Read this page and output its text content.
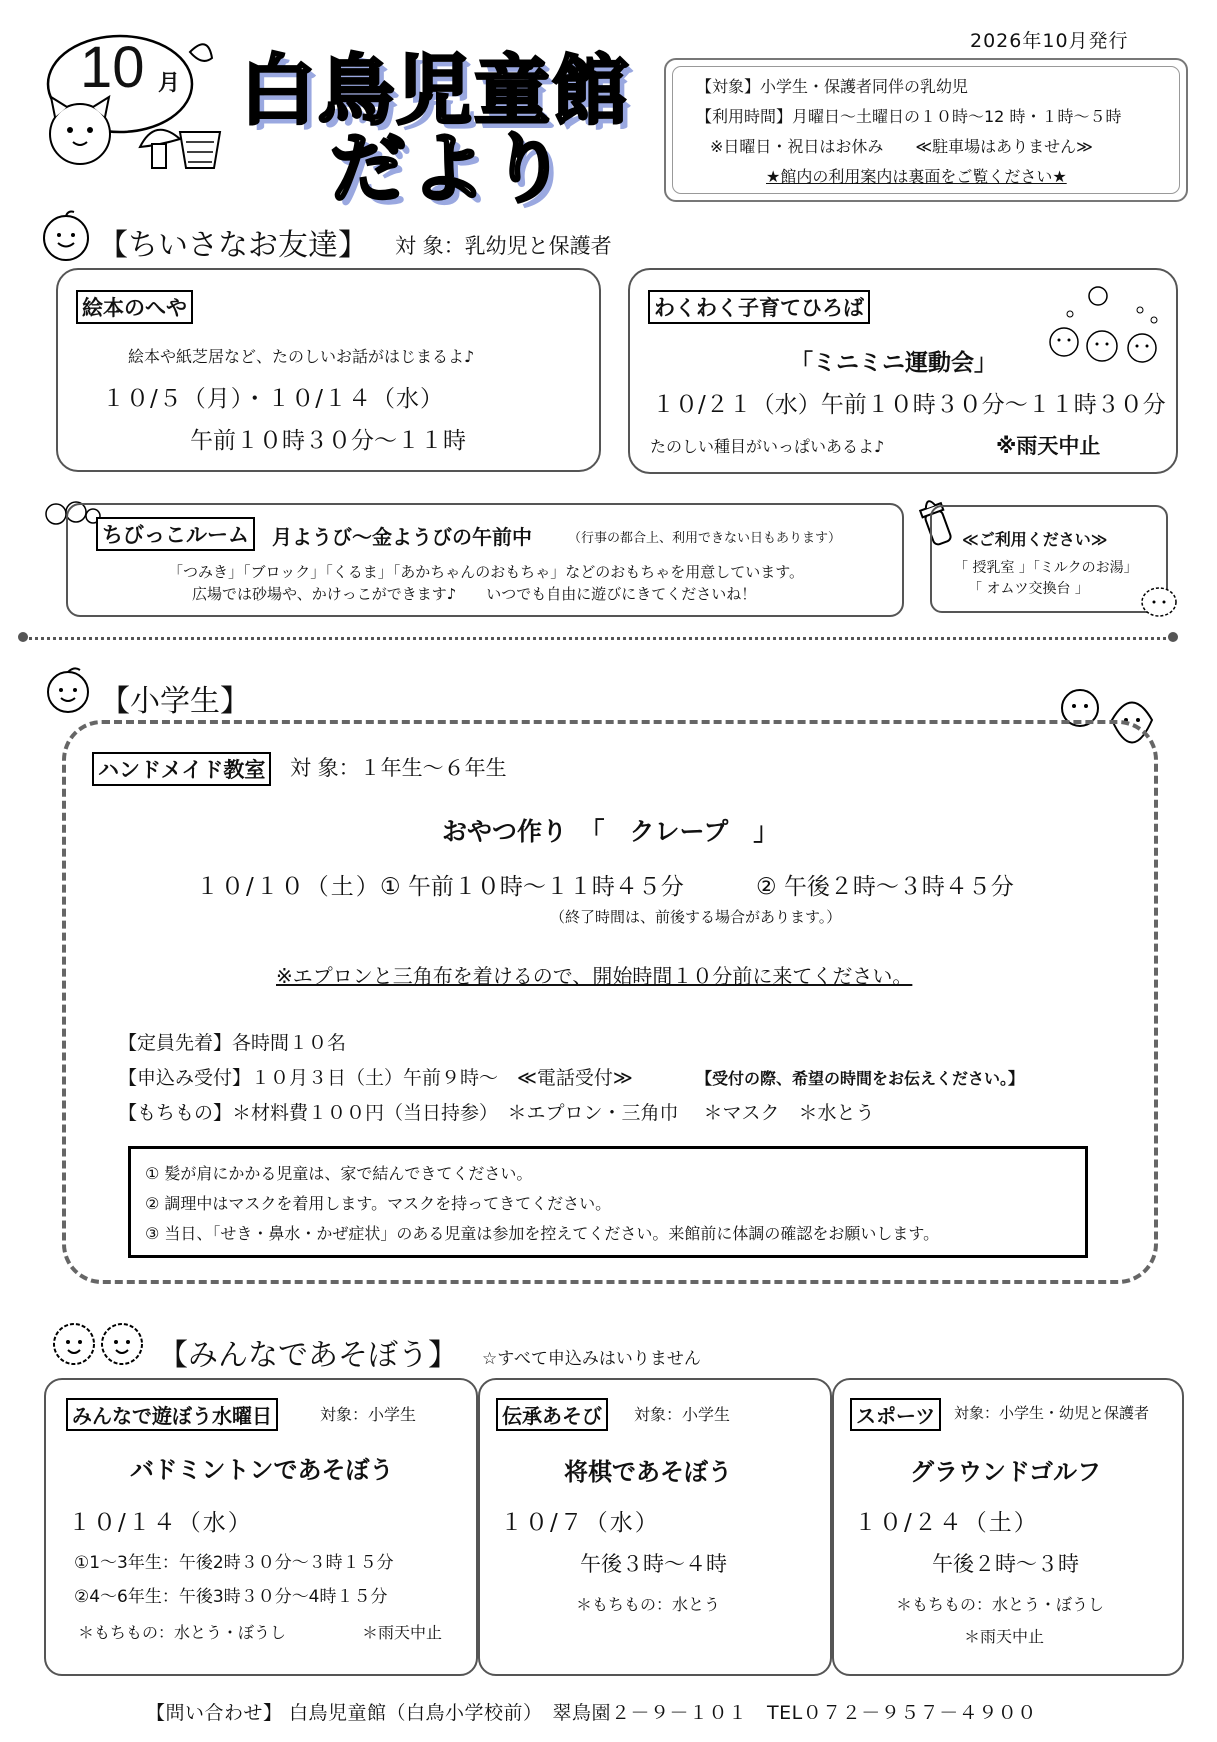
2026年10月発行
10 月 白鳥児童館
だより
【対象】小学生・保護者同伴の乳幼児
【利用時間】月曜日～土曜日の１０時～12 時・１時～５時
※日曜日・祝日はお休み　　≪駐車場はありません≫
★館内の利用案内は裏面をご覧ください★
【ちいさなお友達】 対 象：乳幼児と保護者
絵本のへや
絵本や紙芝居など、たのしいお話がはじまるよ♪
１０/５（月）・１０/１４（水）
午前１０時３０分～１１時
わくわく子育てひろば
「ミニミニ運動会」
１０/２１（水）午前１０時３０分～１１時３０分
たのしい種目がいっぱいあるよ♪	※雨天中止
ちびっこルーム	月ようび～金ようびの午前中	（行事の都合上、利用できない日もあります）
「つみき」「ブロック」「くるま」「あかちゃんのおもちゃ」などのおもちゃを用意しています。
広場では砂場や、かけっこができます♪　　いつでも自由に遊びにきてくださいね！
≪ご利用ください≫
「 授乳室 」「ミルクのお湯」
「 オムツ交換台 」
【小学生】
ハンドメイド教室 対 象：１年生～６年生
おやつ作り　「　クレープ　」
１０/１０（土） ① 午前１０時～１１時４５分	② 午後２時～３時４５分
（終了時間は、前後する場合があります。）
※エプロンと三角布を着けるので、開始時間１０分前に来てください。
【定員先着】各時間１０名
【申込み受付】１０月３日（土）午前９時～　≪電話受付≫	【受付の際、希望の時間をお伝えください。】
【もちもの】＊材料費１００円（当日持参）　＊エプロン・三角巾　 ＊マスク　＊水とう
① 髪が肩にかかる児童は、家で結んできてください。
② 調理中はマスクを着用します。マスクを持ってきてください。
③ 当日、「せき・鼻水・かぜ症状」のある児童は参加を控えてください。来館前に体調の確認をお願いします。
【みんなであそぼう】 ☆すべて申込みはいりません
みんなで遊ぼう水曜日	対象：小学生
バドミントンであそぼう
１０/１４（水）
①1～3年生：午後2時３０分～３時１５分
②4～6年生：午後3時３０分～4時１５分
＊もちもの：水とう・ぼうし	＊雨天中止
伝承あそび	対象：小学生
将棋であそぼう
１０/７（水）
午後３時～４時
＊もちもの：水とう
スポーツ	対象：小学生・幼児と保護者
グラウンドゴルフ
１０/２４（土）
午後２時～３時
＊もちもの：水とう・ぼうし
＊雨天中止
【問い合わせ】 白鳥児童館（白鳥小学校前）　翠鳥園２－９－１０１　TEL０７２－９５７－４９００
